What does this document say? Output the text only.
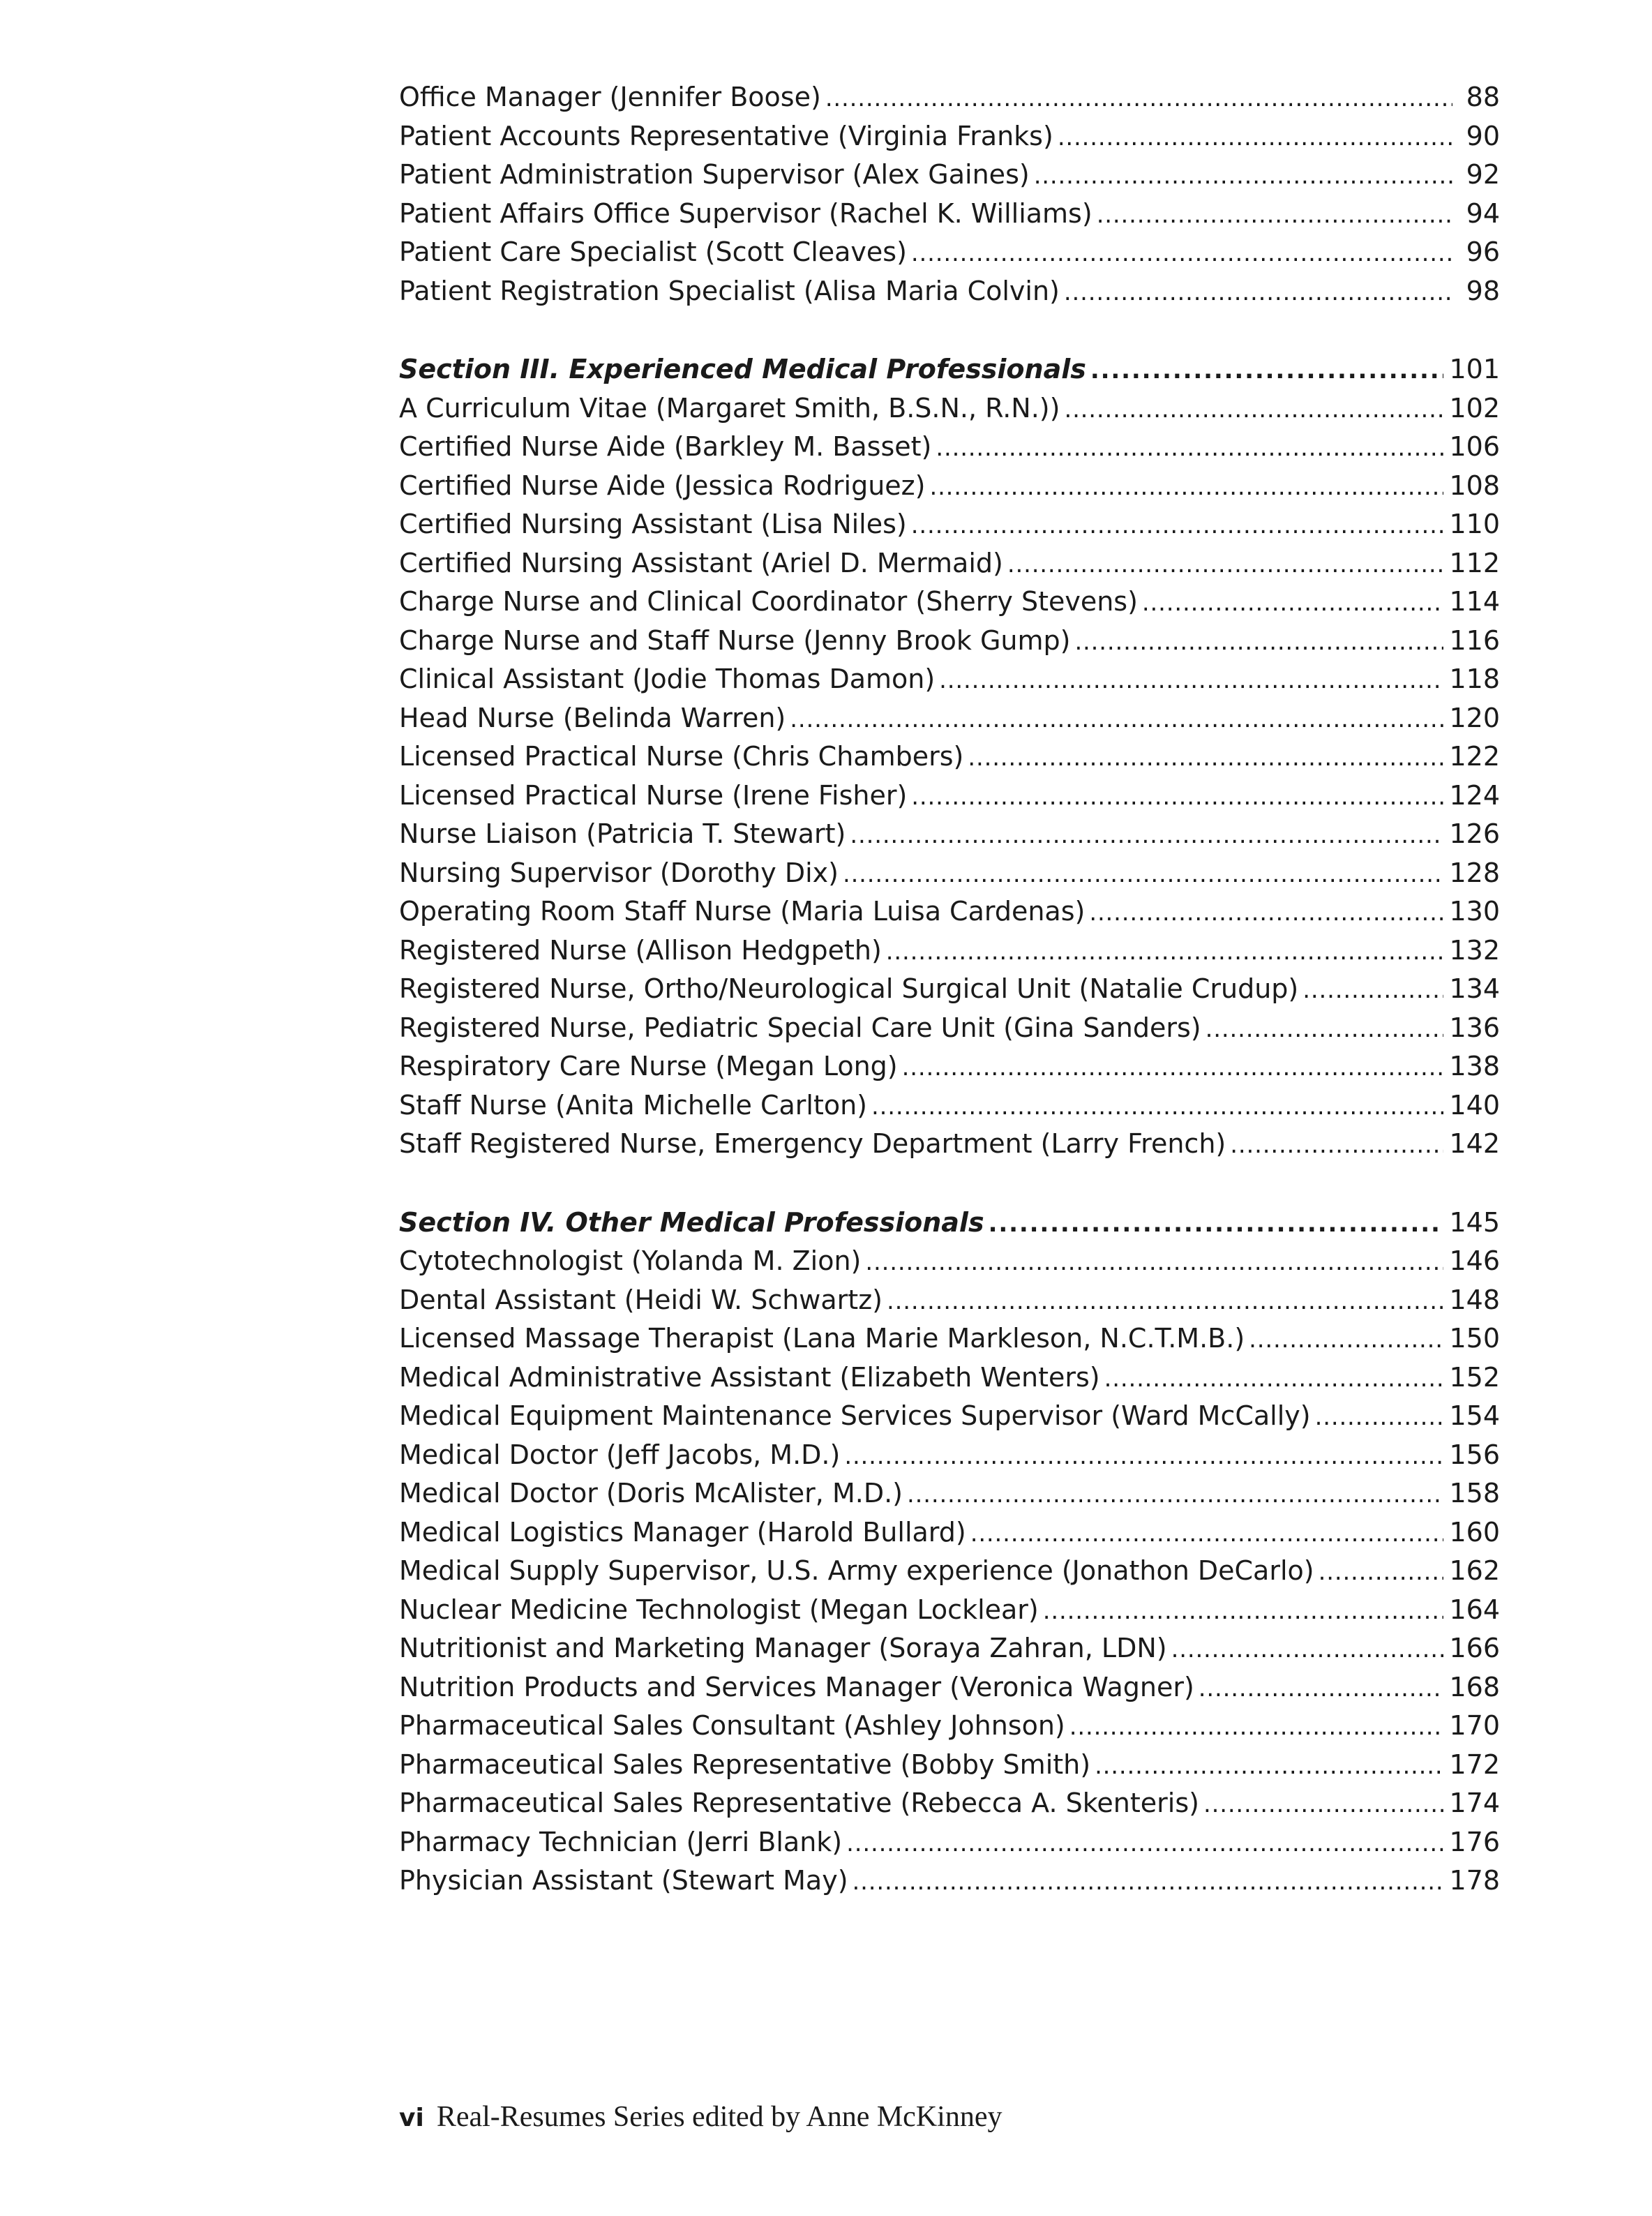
Office Manager (Jennifer Boose) . . .	88
Patient Accounts Representative (Virginia Franks) . . .	90
Patient Administration Supervisor (Alex Gaines) . . .	92
Patient Affairs Office Supervisor (Rachel K. Williams) . . .	94
Patient Care Specialist (Scott Cleaves) . . .	96
Patient Registration Specialist (Alisa Maria Colvin) . . .	98
Section III. Experienced Medical Professionals . . .	101
A Curriculum Vitae (Margaret Smith, B.S.N., R.N.)) . . .	102
Certified Nurse Aide (Barkley M. Basset) . . .	106
Certified Nurse Aide (Jessica Rodriguez) . . .	108
Certified Nursing Assistant (Lisa Niles) . . .	110
Certified Nursing Assistant (Ariel D. Mermaid) . . .	112
Charge Nurse and Clinical Coordinator (Sherry Stevens) . . .	114
Charge Nurse and Staff Nurse (Jenny Brook Gump) . . .	116
Clinical Assistant (Jodie Thomas Damon) . . .	118
Head Nurse (Belinda Warren) . . .	120
Licensed Practical Nurse (Chris Chambers) . . .	122
Licensed Practical Nurse (Irene Fisher) . . .	124
Nurse Liaison (Patricia T. Stewart) . . .	126
Nursing Supervisor (Dorothy Dix) . . .	128
Operating Room Staff Nurse (Maria Luisa Cardenas) . . .	130
Registered Nurse (Allison Hedgpeth) . . .	132
Registered Nurse, Ortho/Neurological Surgical Unit (Natalie Crudup) . . .	134
Registered Nurse, Pediatric Special Care Unit (Gina Sanders) . . .	136
Respiratory Care Nurse (Megan Long) . . .	138
Staff Nurse (Anita Michelle Carlton) . . .	140
Staff Registered Nurse, Emergency Department (Larry French) . . .	142
Section IV. Other Medical Professionals . . .	145
Cytotechnologist (Yolanda M. Zion) . . .	146
Dental Assistant (Heidi W. Schwartz) . . .	148
Licensed Massage Therapist (Lana Marie Markleson, N.C.T.M.B.) . . .	150
Medical Administrative Assistant (Elizabeth Wenters) . . .	152
Medical Equipment Maintenance Services Supervisor (Ward McCally) . . .	154
Medical Doctor (Jeff Jacobs, M.D.) . . .	156
Medical Doctor (Doris McAlister, M.D.) . . .	158
Medical Logistics Manager (Harold Bullard) . . .	160
Medical Supply Supervisor, U.S. Army experience (Jonathon DeCarlo) . . .	162
Nuclear Medicine Technologist (Megan Locklear) . . .	164
Nutritionist and Marketing Manager (Soraya Zahran, LDN) . . .	166
Nutrition Products and Services Manager (Veronica Wagner) . . .	168
Pharmaceutical Sales Consultant (Ashley Johnson) . . .	170
Pharmaceutical Sales Representative (Bobby Smith) . . .	172
Pharmaceutical Sales Representative (Rebecca A. Skenteris) . . .	174
Pharmacy Technician (Jerri Blank) . . .	176
Physician Assistant (Stewart May) . . .	178
vi Real-Resumes Series edited by Anne McKinney
